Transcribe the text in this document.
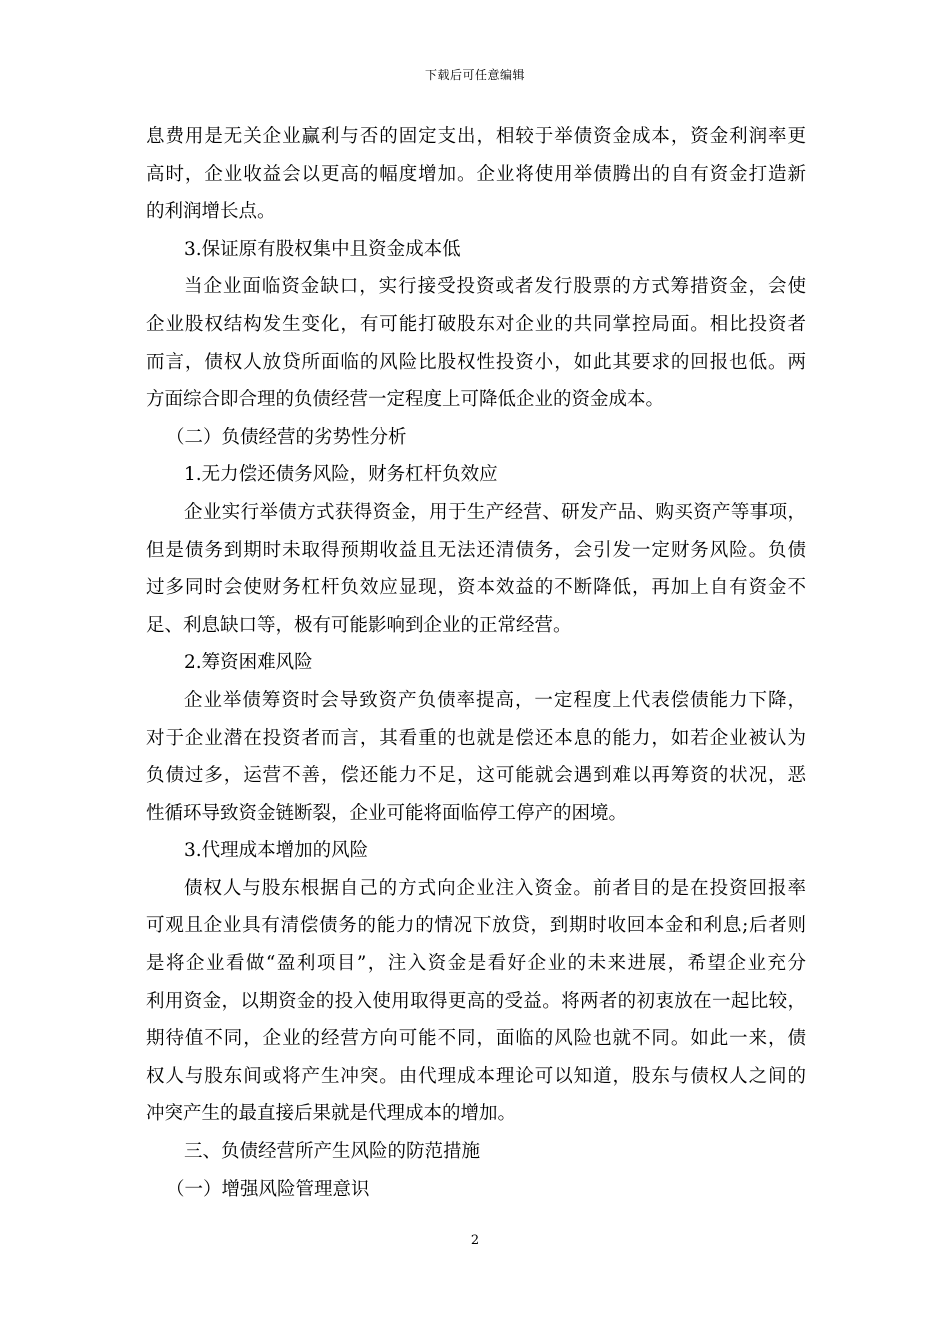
下载后可任意编辑
息费用是无关企业赢利与否的固定支出，相较于举债资金成本，资金利润率更
高时，企业收益会以更高的幅度增加。企业将使用举债腾出的自有资金打造新
的利润增长点。
3.保证原有股权集中且资金成本低
当企业面临资金缺口，实行接受投资或者发行股票的方式筹措资金，会使
企业股权结构发生变化，有可能打破股东对企业的共同掌控局面。相比投资者
而言，债权人放贷所面临的风险比股权性投资小，如此其要求的回报也低。两
方面综合即合理的负债经营一定程度上可降低企业的资金成本。
（二）负债经营的劣势性分析
1.无力偿还债务风险，财务杠杆负效应
企业实行举债方式获得资金，用于生产经营、研发产品、购买资产等事项，
但是债务到期时未取得预期收益且无法还清债务，会引发一定财务风险。负债
过多同时会使财务杠杆负效应显现，资本效益的不断降低，再加上自有资金不
足、利息缺口等，极有可能影响到企业的正常经营。
2.筹资困难风险
企业举债筹资时会导致资产负债率提高，一定程度上代表偿债能力下降，
对于企业潜在投资者而言，其看重的也就是偿还本息的能力，如若企业被认为
负债过多，运营不善，偿还能力不足，这可能就会遇到难以再筹资的状况，恶
性循环导致资金链断裂，企业可能将面临停工停产的困境。
3.代理成本增加的风险
债权人与股东根据自己的方式向企业注入资金。前者目的是在投资回报率
可观且企业具有清偿债务的能力的情况下放贷，到期时收回本金和利息;后者则
是将企业看做“盈利项目”，注入资金是看好企业的未来进展，希望企业充分
利用资金，以期资金的投入使用取得更高的受益。将两者的初衷放在一起比较，
期待值不同，企业的经营方向可能不同，面临的风险也就不同。如此一来，债
权人与股东间或将产生冲突。由代理成本理论可以知道，股东与债权人之间的
冲突产生的最直接后果就是代理成本的增加。
三、负债经营所产生风险的防范措施
（一）增强风险管理意识
2
